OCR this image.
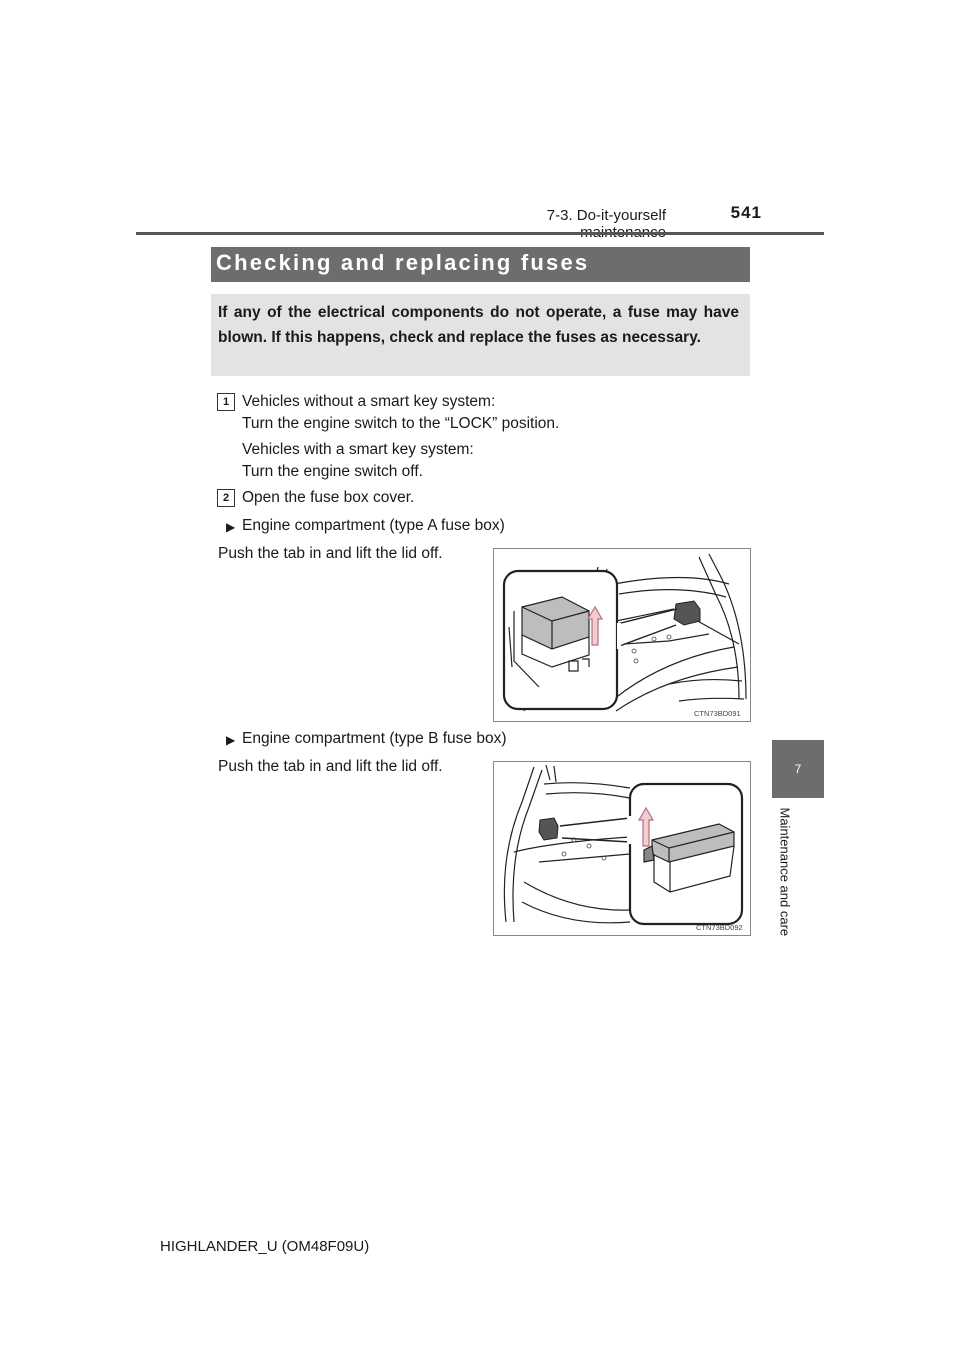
7-3. Do-it-yourself	541
Checking and replacing fuses
If any of the electrical components do not operate, a fuse may have blown. If this happens, check and replace the fuses as necessary.
1 Vehicles without a smart key system:
Turn the engine switch to the “LOCK” position.
Vehicles with a smart key system:
Turn the engine switch off.
2 Open the fuse box cover.
▶ Engine compartment (type A fuse box)
Push the tab in and lift the lid off.
CTN73BD091
▶ Engine compartment (type B fuse box)
Push the tab in and lift the lid off.
CTN73BD092
7
Maintenance and care
HIGHLANDER_U (OM48F09U)
